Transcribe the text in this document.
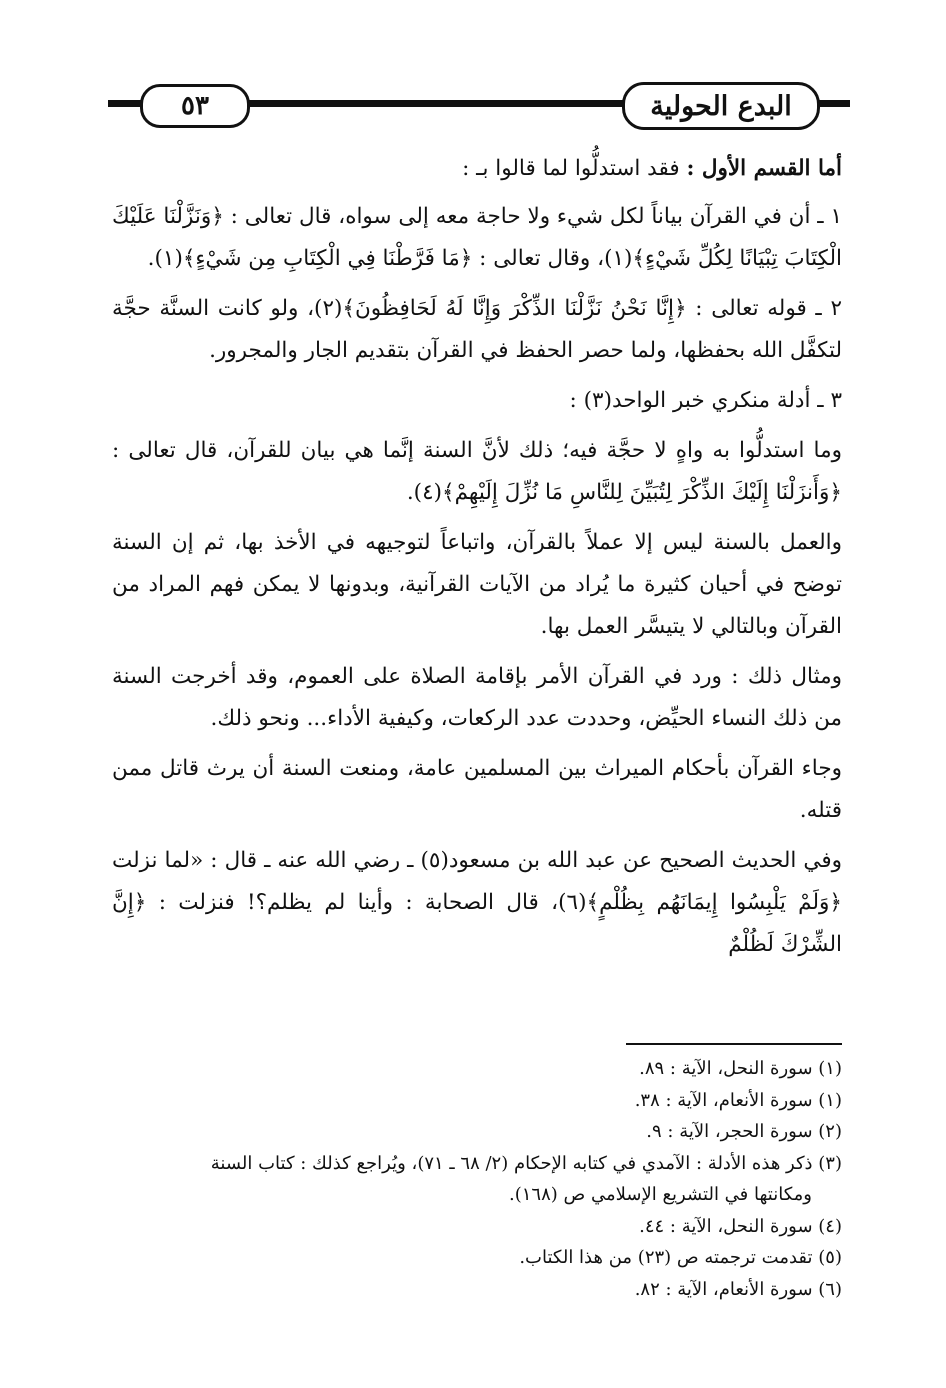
البدع الحولية
٥٣

أما القسم الأول : فقد استدلُّوا لما قالوا بـ :

١ ـ أن في القرآن بياناً لكل شيء ولا حاجة معه إلى سواه، قال تعالى : ﴿وَنَزَّلْنَا عَلَيْكَ الْكِتَابَ تِبْيَانًا لِكُلِّ شَيْءٍ﴾(١)، وقال تعالى : ﴿مَا فَرَّطْنَا فِي الْكِتَابِ مِن شَيْءٍ﴾(١).

٢ ـ قوله تعالى : ﴿إِنَّا نَحْنُ نَزَّلْنَا الذِّكْرَ وَإِنَّا لَهُ لَحَافِظُونَ﴾(٢)، ولو كانت السنَّة حجَّة لتكفَّل الله بحفظها، ولما حصر الحفظ في القرآن بتقديم الجار والمجرور.

٣ ـ أدلة منكري خبر الواحد(٣) :

وما استدلُّوا به واهٍ لا حجَّة فيه؛ ذلك لأنَّ السنة إنَّما هي بيان للقرآن، قال تعالى : ﴿وَأَنزَلْنَا إِلَيْكَ الذِّكْرَ لِتُبَيِّنَ لِلنَّاسِ مَا نُزِّلَ إِلَيْهِمْ﴾(٤).

والعمل بالسنة ليس إلا عملاً بالقرآن، واتباعاً لتوجيهه في الأخذ بها، ثم إن السنة توضح في أحيان كثيرة ما يُراد من الآيات القرآنية، وبدونها لا يمكن فهم المراد من القرآن وبالتالي لا يتيسَّر العمل بها.

ومثال ذلك : ورد في القرآن الأمر بإقامة الصلاة على العموم، وقد أخرجت السنة من ذلك النساء الحيِّض، وحددت عدد الركعات، وكيفية الأداء... ونحو ذلك.

وجاء القرآن بأحكام الميراث بين المسلمين عامة، ومنعت السنة أن يرث قاتل ممن قتله.

وفي الحديث الصحيح عن عبد الله بن مسعود(٥) ـ رضي الله عنه ـ قال : «لما نزلت ﴿وَلَمْ يَلْبِسُوا إِيمَانَهُم بِظُلْمٍ﴾(٦)، قال الصحابة : وأينا لم يظلم؟! فنزلت : ﴿إِنَّ الشِّرْكَ لَظُلْمٌ

(١) سورة النحل، الآية : ٨٩.
(١) سورة الأنعام، الآية : ٣٨.
(٢) سورة الحجر، الآية : ٩.
(٣) ذكر هذه الأدلة : الآمدي في كتابه الإحكام (٢/ ٦٨ ـ ٧١)، ويُراجع كذلك : كتاب السنة
ومكانتها في التشريع الإسلامي ص (١٦٨).
(٤) سورة النحل، الآية : ٤٤.
(٥) تقدمت ترجمته ص (٢٣) من هذا الكتاب.
(٦) سورة الأنعام، الآية : ٨٢.
